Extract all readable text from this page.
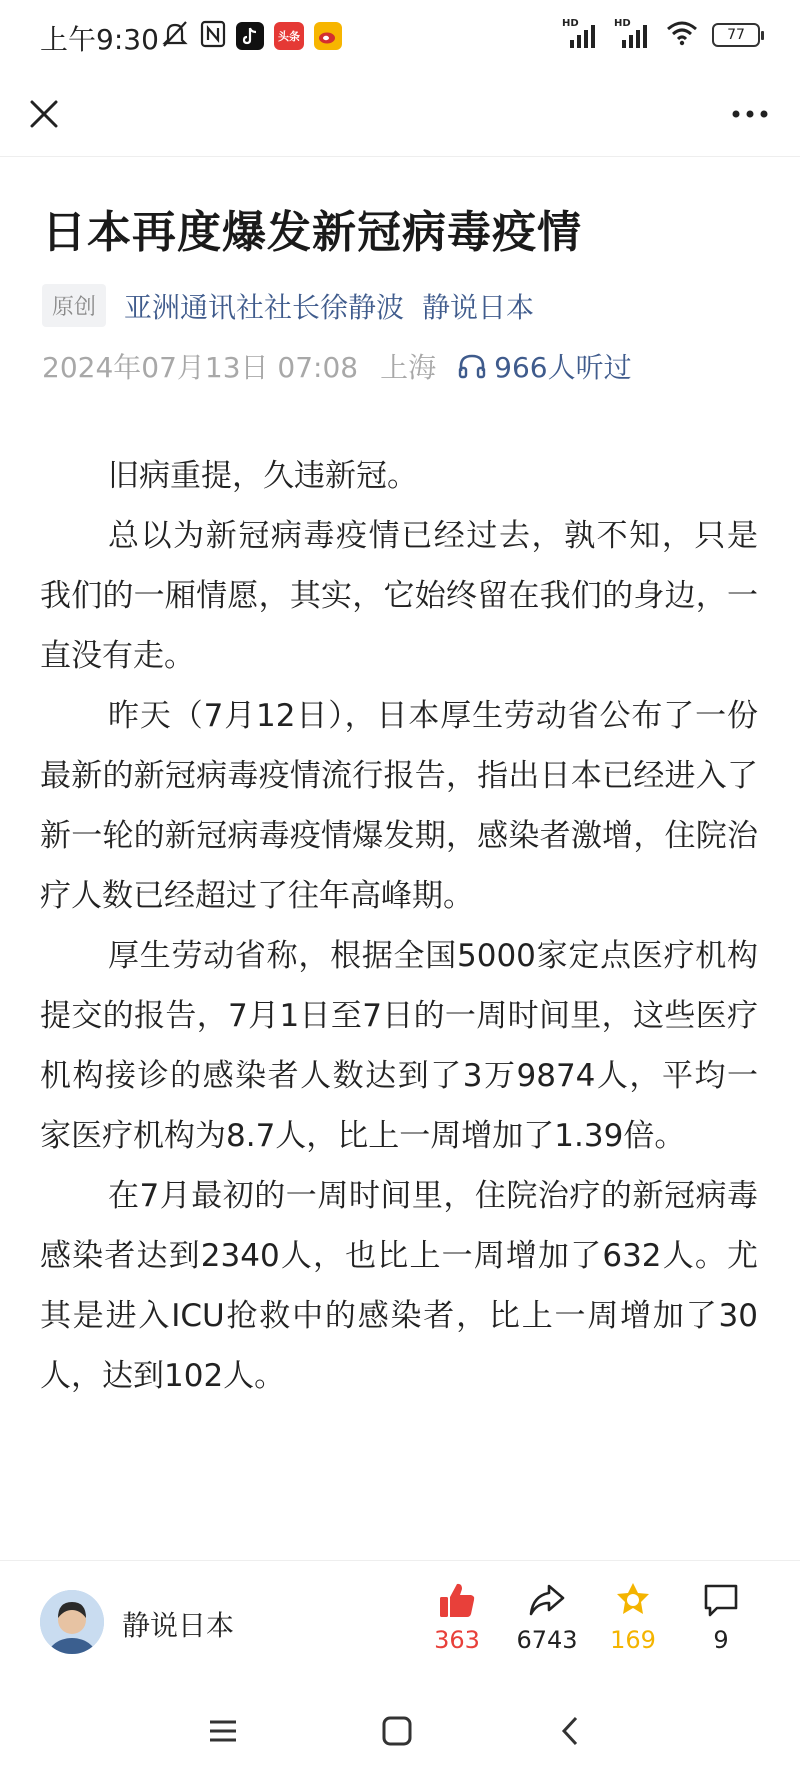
上午9:30	头条
HD	HD
77
日本再度爆发新冠病毒疫情
原创	亚洲通讯社社长徐静波 静说日本
2024年07月13日 07:08 上海 966人听过

旧病重提，久违新冠。

总以为新冠病毒疫情已经过去，孰不知，只是我们的一厢情愿，其实，它始终留在我们的身边，一直没有走。

昨天（7月12日），日本厚生劳动省公布了一份最新的新冠病毒疫情流行报告，指出日本已经进入了新一轮的新冠病毒疫情爆发期，感染者激增，住院治疗人数已经超过了往年高峰期。

厚生劳动省称，根据全国5000家定点医疗机构提交的报告，7月1日至7日的一周时间里，这些医疗机构接诊的感染者人数达到了3万9874人，平均一家医疗机构为8.7人，比上一周增加了1.39倍。

在7月最初的一周时间里，住院治疗的新冠病毒感染者达到2340人，也比上一周增加了632人。尤其是进入ICU抢救中的感染者，比上一周增加了30人，达到102人。

静说日本	363	6743	169	9
